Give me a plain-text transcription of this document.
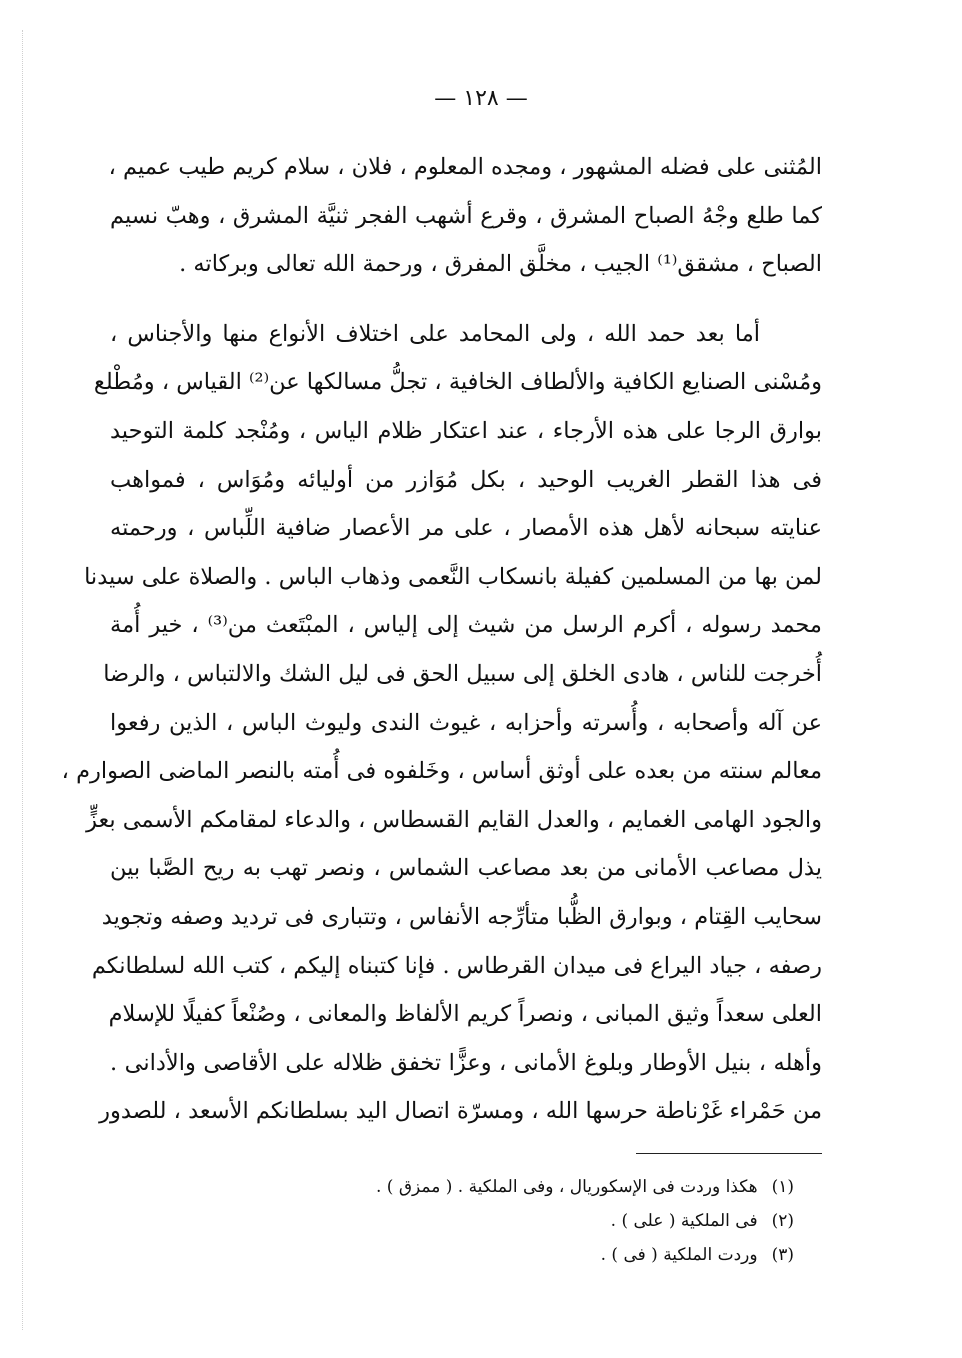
— ١٢٨ —
المُثنى على فضله المشهور ، ومجده المعلوم ، فلان ، سلام كريم طيب عميم ،
كما طلع وجْهُ الصباح المشرق ، وقرع أشهب الفجر ثنيَّة المشرق ، وهبّ نسيم
الصباح ، مشقق⁽¹⁾ الجيب ، مخلَّق المفرق ، ورحمة الله تعالى وبركاته .
أما بعد حمد الله ، ولى المحامد على اختلاف الأنواع منها والأجناس ،
ومُسْنى الصنايع الكافية والألطاف الخافية ، تجلُّ مسالكها عن⁽²⁾ القياس ، ومُطْلع
بوارق الرجا على هذه الأرجاء ، عند اعتكار ظلام الياس ، ومُنْجد كلمة التوحيد
فى هذا القطر الغريب الوحيد ، بكل مُوَازر من أوليائه ومُوَاس ، فمواهب
عنايته سبحانه لأهل هذه الأمصار ، على مر الأعصار ضافية اللِّباس ، ورحمته
لمن بها من المسلمين كفيلة بانسكاب النَّعمى وذهاب الباس . والصلاة على سيدنا
محمد رسوله ، أكرم الرسل من شيث إلى إلياس ، المبْتَعث من⁽³⁾ ، خير أُمة
أُخرجت للناس ، هادى الخلق إلى سبيل الحق فى ليل الشك والالتباس ، والرضا
عن آله وأصحابه ، وأُسرته وأحزابه ، غيوث الندى وليوث الباس ، الذين رفعوا
معالم سنته من بعده على أوثق أساس ، وخَلفوه فى أُمته بالنصر الماضى الصوارم ،
والجود الهامى الغمايم ، والعدل القايم القسطاس ، والدعاء لمقامكم الأسمى بعزٍّ
يذل مصاعب الأمانى من بعد مصاعب الشماس ، ونصر تهب به ريح الصَّبا بين
سحايب القِتام ، وبوارق الظُّبا متأرِّجه الأنفاس ، وتتبارى فى ترديد وصفه وتجويد
رصفه ، جياد اليراع فى ميدان القرطاس . فإنا كتبناه إليكم ، كتب الله لسلطانكم
العلى سعداً وثيق المبانى ، ونصراً كريم الألفاظ والمعانى ، وصُنْعاً كفيلًا للإسلام
وأهله ، بنيل الأوطار وبلوغ الأمانى ، وعزًّا تخفق ظلاله على الأقاصى والأدانى .
من حَمْراء غَرْناطة حرسها الله ، ومسرّة اتصال اليد بسلطانكم الأسعد ، للصدور
(١)هكذا وردت فى الإسكوريال ، وفى الملكية . ( ممزق ) .
(٢)فى الملكية ( على ) .
(٣)وردت الملكية ( فى ) .
